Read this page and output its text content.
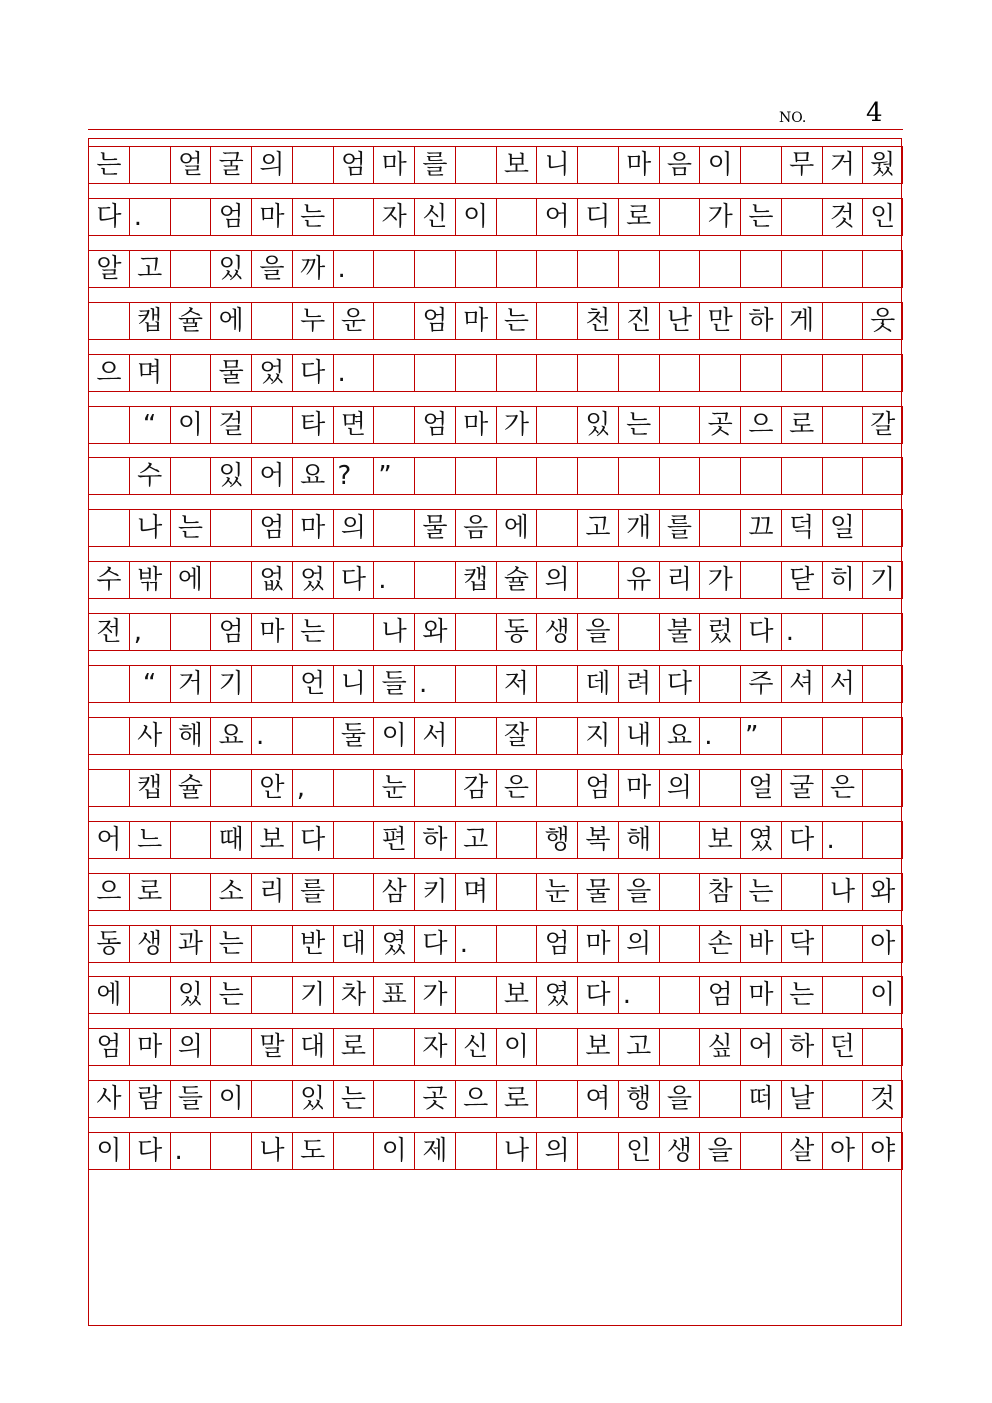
NO. 4
는	얼 굴 의	엄 마 를	보 니	마 음 이	무 거 웠
다 .	엄 마 는	자 신 이	어 디 로	가 는	것 인
알 고	있 을 까 .
캡 슐 에	누 운	엄 마 는	천 진 난 만 하 게	웃
으 며	물 었 다 .
“ 이 걸	타 면	엄 마 가	있 는	곳 으 로	갈
수	있 어 요 ?	”
나 는	엄 마 의	물 음 에	고 개 를	끄 덕 일
수 밖 에	없 었 다 .	캡 슐 의	유 리 가	닫 히 기
전 ,	엄 마 는	나 와	동 생 을	불 렀 다 .
“ 거 기	언 니 들 .	저	데 려 다	주 셔 서
사 해 요 .	둘 이 서	잘	지 내 요 .	”
캡 슐	안 ,	눈	감 은	엄 마 의	얼 굴 은
어 느	때 보 다	편 하 고	행 복 해	보 였 다 .
으 로	소 리 를	삼 키 며	눈 물 을	참 는	나 와
동 생 과 는	반 대 였 다 .	엄 마 의	손 바 닥	아
에	있 는	기 차 표 가	보 였 다 .	엄 마 는	이
엄 마 의	말 대 로	자 신 이	보 고	싶 어 하 던
사 람 들 이	있 는	곳 으 로	여 행 을	떠 날	것
이 다 .	나 도	이 제	나 의	인 생 을	살 아 야
